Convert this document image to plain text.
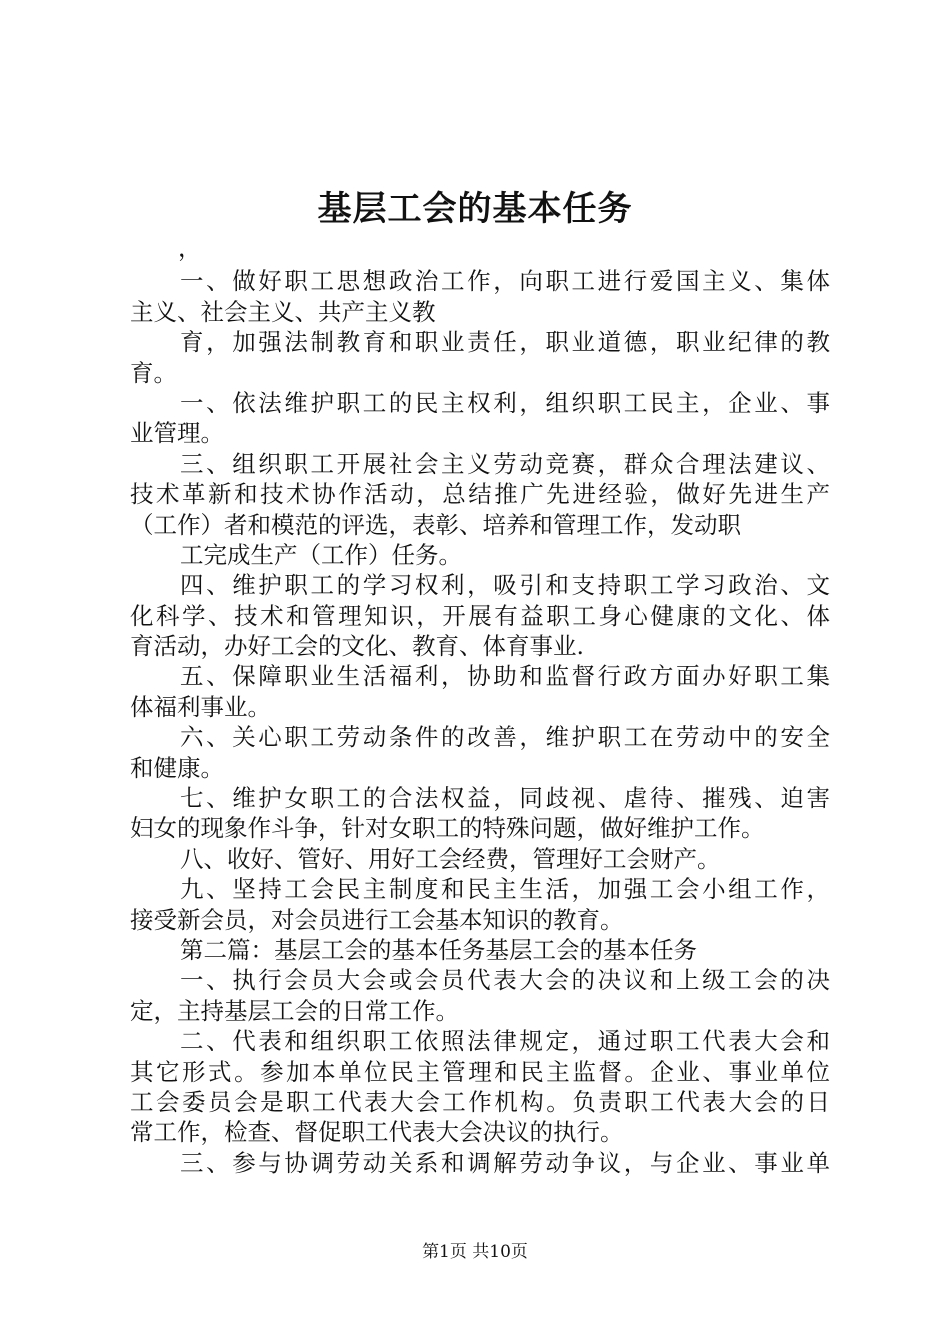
基层工会的基本任务
，
一、做好职工思想政治工作，向职工进行爱国主义、集体
主义、社会主义、共产主义教
育，加强法制教育和职业责任，职业道德，职业纪律的教
育。
一、依法维护职工的民主权利，组织职工民主，企业、事
业管理。
三、组织职工开展社会主义劳动竞赛，群众合理法建议、
技术革新和技术协作活动，总结推广先进经验，做好先进生产
（工作）者和模范的评选，表彰、培养和管理工作，发动职
工完成生产（工作）任务。
四、维护职工的学习权利，吸引和支持职工学习政治、文
化科学、技术和管理知识，开展有益职工身心健康的文化、体
育活动，办好工会的文化、教育、体育事业.
五、保障职业生活福利，协助和监督行政方面办好职工集
体福利事业。
六、关心职工劳动条件的改善，维护职工在劳动中的安全
和健康。
七、维护女职工的合法权益，同歧视、虐待、摧残、迫害
妇女的现象作斗争，针对女职工的特殊问题，做好维护工作。
八、收好、管好、用好工会经费，管理好工会财产。
九、坚持工会民主制度和民主生活，加强工会小组工作，
接受新会员，对会员进行工会基本知识的教育。
第二篇：基层工会的基本任务基层工会的基本任务
一、执行会员大会或会员代表大会的决议和上级工会的决
定，主持基层工会的日常工作。
二、代表和组织职工依照法律规定，通过职工代表大会和
其它形式。参加本单位民主管理和民主监督。企业、事业单位
工会委员会是职工代表大会工作机构。负责职工代表大会的日
常工作，检查、督促职工代表大会决议的执行。
三、参与协调劳动关系和调解劳动争议，与企业、事业单
第1页 共10页
